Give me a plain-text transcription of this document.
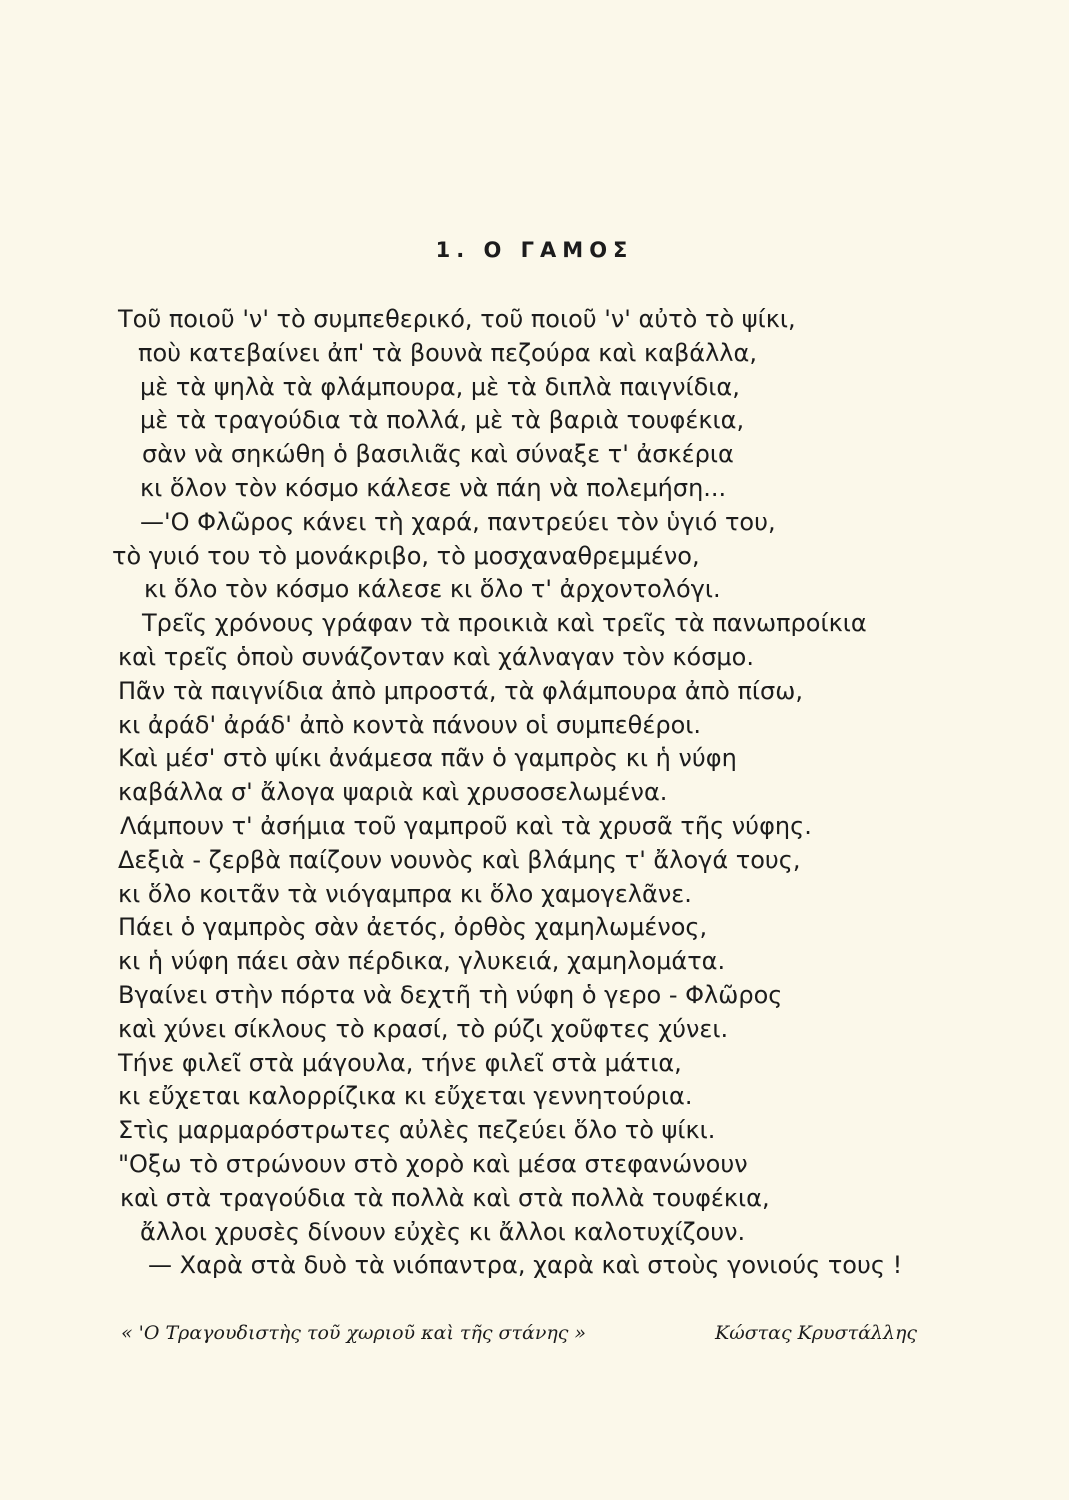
1. Ο ΓΑΜΟΣ
Τοῦ ποιοῦ 'ν' τὸ συμπεθερικό, τοῦ ποιοῦ 'ν' αὐτὸ τὸ ψίκι,
ποὺ κατεβαίνει ἀπ' τὰ βουνὰ πεζούρα καὶ καβάλλα,
μὲ τὰ ψηλὰ τὰ φλάμπουρα, μὲ τὰ διπλὰ παιγνίδια,
μὲ τὰ τραγούδια τὰ πολλά, μὲ τὰ βαριὰ τουφέκια,
σὰν νὰ σηκώθη ὁ βασιλιᾶς καὶ σύναξε τ' ἀσκέρια
κι ὅλον τὸν κόσμο κάλεσε νὰ πάη νὰ πολεμήση...
—'Ο Φλῶρος κάνει τὴ χαρά, παντρεύει τὸν ὑγιό του,
τὸ γυιό του τὸ μονάκριβο, τὸ μοσχαναθρεμμένο,
κι ὅλο τὸν κόσμο κάλεσε κι ὅλο τ' ἀρχοντολόγι.
Τρεῖς χρόνους γράφαν τὰ προικιὰ καὶ τρεῖς τὰ πανωπροίκια
καὶ τρεῖς ὁποὺ συνάζονταν καὶ χάλναγαν τὸν κόσμο.
Πᾶν τὰ παιγνίδια ἀπὸ μπροστά, τὰ φλάμπουρα ἀπὸ πίσω,
κι ἀράδ' ἀράδ' ἀπὸ κοντὰ πάνουν οἱ συμπεθέροι.
Καὶ μέσ' στὸ ψίκι ἀνάμεσα πᾶν ὁ γαμπρὸς κι ἡ νύφη
καβάλλα σ' ἄλογα ψαριὰ καὶ χρυσοσελωμένα.
Λάμπουν τ' ἀσήμια τοῦ γαμπροῦ καὶ τὰ χρυσᾶ τῆς νύφης.
Δεξιὰ - ζερβὰ παίζουν νουνὸς καὶ βλάμης τ' ἄλογά τους,
κι ὅλο κοιτᾶν τὰ νιόγαμπρα κι ὅλο χαμογελᾶνε.
Πάει ὁ γαμπρὸς σὰν ἀετός, ὀρθὸς χαμηλωμένος,
κι ἡ νύφη πάει σὰν πέρδικα, γλυκειά, χαμηλομάτα.
Βγαίνει στὴν πόρτα νὰ δεχτῆ τὴ νύφη ὁ γερο - Φλῶρος
καὶ χύνει σίκλους τὸ κρασί, τὸ ρύζι χοῦφτες χύνει.
Τήνε φιλεῖ στὰ μάγουλα, τήνε φιλεῖ στὰ μάτια,
κι εὔχεται καλορρίζικα κι εὔχεται γεννητούρια.
Στὶς μαρμαρόστρωτες αὐλὲς πεζεύει ὅλο τὸ ψίκι.
"Οξω τὸ στρώνουν στὸ χορὸ καὶ μέσα στεφανώνουν
καὶ στὰ τραγούδια τὰ πολλὰ καὶ στὰ πολλὰ τουφέκια,
ἄλλοι χρυσὲς δίνουν εὐχὲς κι ἄλλοι καλοτυχίζουν.
— Χαρὰ στὰ δυὸ τὰ νιόπαντρα, χαρὰ καὶ στοὺς γονιούς τους !
« 'Ο Τραγουδιστὴς τοῦ χωριοῦ καὶ τῆς στάνης »	Κώστας Κρυστάλλης
